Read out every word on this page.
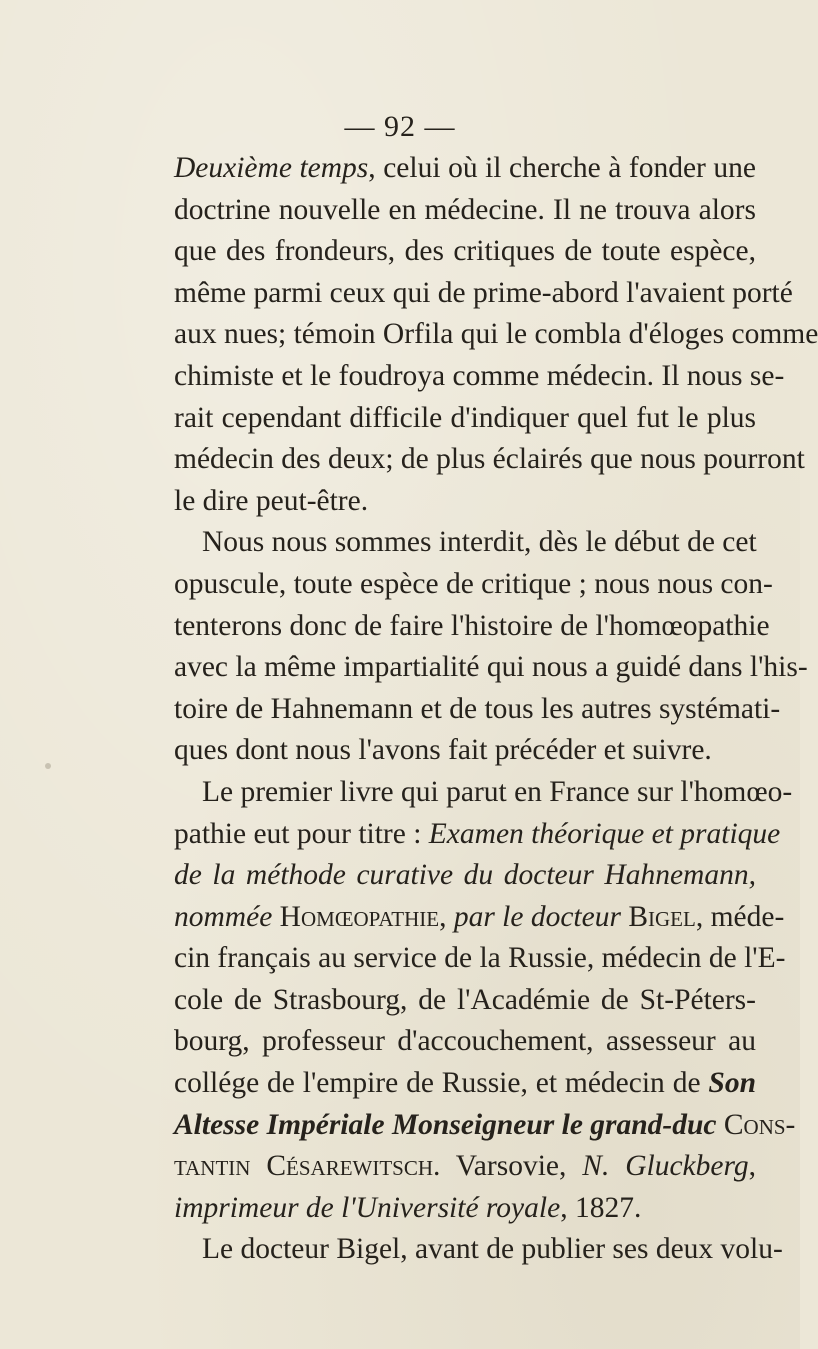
— 92 —
Deuxième temps, celui où il cherche à fonder une
doctrine nouvelle en médecine. Il ne trouva alors
que des frondeurs, des critiques de toute espèce,
même parmi ceux qui de prime-abord l'avaient porté
aux nues; témoin Orfila qui le combla d'éloges comme
chimiste et le foudroya comme médecin. Il nous se-
rait cependant difficile d'indiquer quel fut le plus
médecin des deux; de plus éclairés que nous pourront
le dire peut-être.
Nous nous sommes interdit, dès le début de cet
opuscule, toute espèce de critique ; nous nous con-
tenterons donc de faire l'histoire de l'homœopathie
avec la même impartialité qui nous a guidé dans l'his-
toire de Hahnemann et de tous les autres systémati-
ques dont nous l'avons fait précéder et suivre.
Le premier livre qui parut en France sur l'homœo-
pathie eut pour titre : Examen théorique et pratique
de la méthode curative du docteur Hahnemann,
nommée Homœopathie, par le docteur Bigel, méde-
cin français au service de la Russie, médecin de l'E-
cole de Strasbourg, de l'Académie de St-Péters-
bourg, professeur d'accouchement, assesseur au
collége de l'empire de Russie, et médecin de Son
Altesse Impériale Monseigneur le grand-duc Cons-
tantin Césarewitsch. Varsovie, N. Gluckberg,
imprimeur de l'Université royale, 1827.
Le docteur Bigel, avant de publier ses deux volu-
